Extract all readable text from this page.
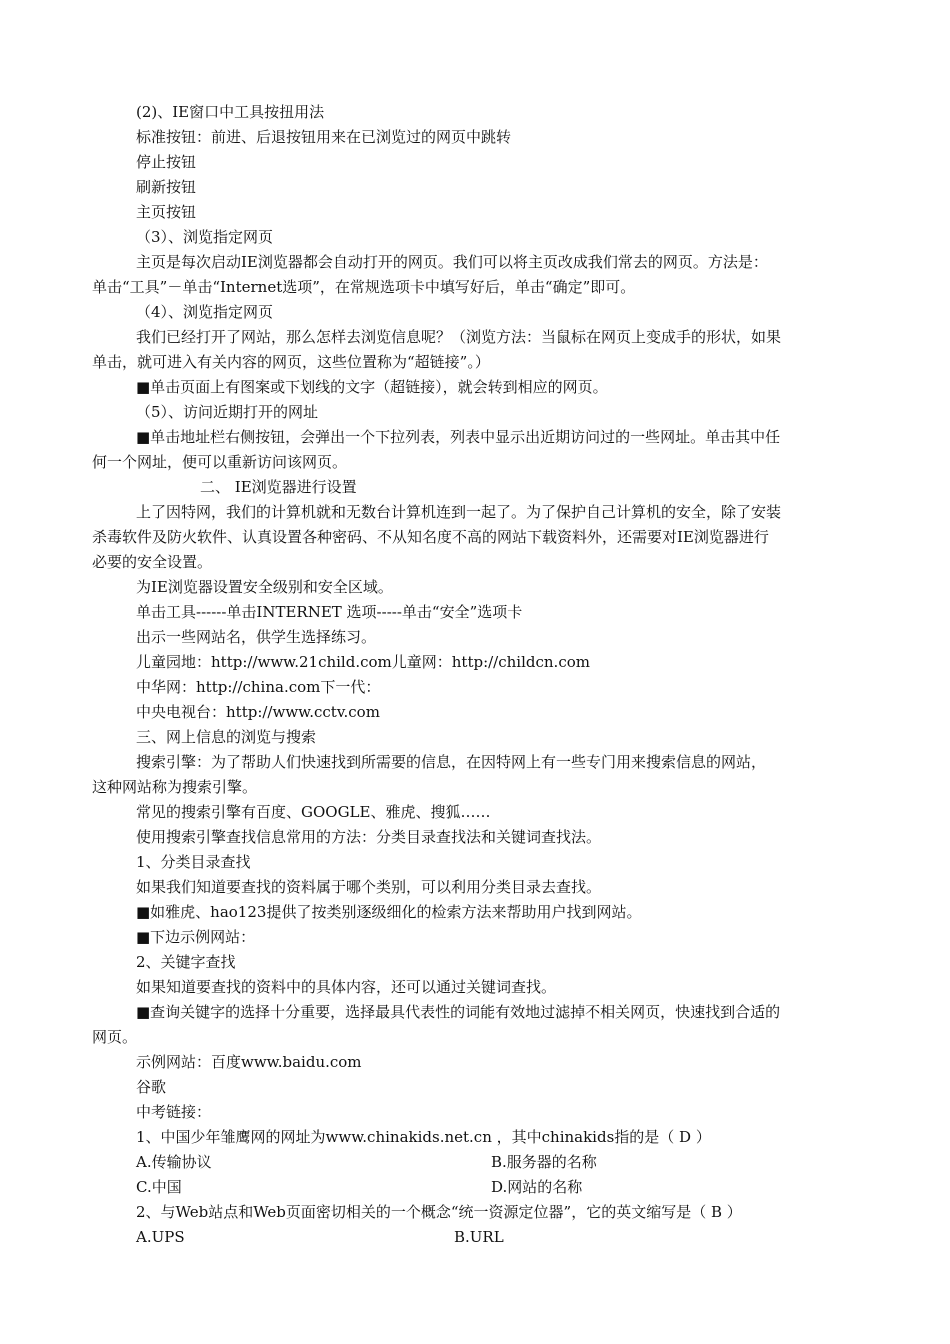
(2)、IE窗口中工具按扭用法
标准按钮：前进、后退按钮用来在已浏览过的网页中跳转
停止按钮
刷新按钮
主页按钮
（3）、浏览指定网页
主页是每次启动IE浏览器都会自动打开的网页。我们可以将主页改成我们常去的网页。方法是：
单击“工具”－单击“Internet选项”，在常规选项卡中填写好后，单击“确定”即可。
（4）、浏览指定网页
我们已经打开了网站，那么怎样去浏览信息呢？（浏览方法：当鼠标在网页上变成手的形状，如果
单击，就可进入有关内容的网页，这些位置称为“超链接”。）
■单击页面上有图案或下划线的文字（超链接），就会转到相应的网页。
（5）、访问近期打开的网址
■单击地址栏右侧按钮，会弹出一个下拉列表，列表中显示出近期访问过的一些网址。单击其中任
何一个网址，便可以重新访问该网页。
二、 IE浏览器进行设置
上了因特网，我们的计算机就和无数台计算机连到一起了。为了保护自己计算机的安全，除了安装
杀毒软件及防火软件、认真设置各种密码、不从知名度不高的网站下载资料外，还需要对IE浏览器进行
必要的安全设置。
为IE浏览器设置安全级别和安全区域。
单击工具------单击INTERNET 选项-----单击“安全”选项卡
出示一些网站名，供学生选择练习。
儿童园地：http://www.21child.com儿童网：http://childcn.com
中华网：http://china.com下一代：
中央电视台：http://www.cctv.com
三、网上信息的浏览与搜索
搜索引擎：为了帮助人们快速找到所需要的信息，在因特网上有一些专门用来搜索信息的网站，
这种网站称为搜索引擎。
常见的搜索引擎有百度、GOOGLE、雅虎、搜狐……
使用搜索引擎查找信息常用的方法：分类目录查找法和关键词查找法。
1、分类目录查找
如果我们知道要查找的资料属于哪个类别，可以利用分类目录去查找。
■如雅虎、hao123提供了按类别逐级细化的检索方法来帮助用户找到网站。
■下边示例网站：
2、关键字查找
如果知道要查找的资料中的具体内容，还可以通过关键词查找。
■查询关键字的选择十分重要，选择最具代表性的词能有效地过滤掉不相关网页，快速找到合适的
网页。
示例网站：百度www.baidu.com
谷歌
中考链接：
1、中国少年雏鹰网的网址为www.chinakids.net.cn ，其中chinakids指的是（ D ）
A.传输协议	B.服务器的名称
C.中国	D.网站的名称
2、与Web站点和Web页面密切相关的一个概念“统一资源定位器”，它的英文缩写是（ B ）
A.UPS	B.URL
